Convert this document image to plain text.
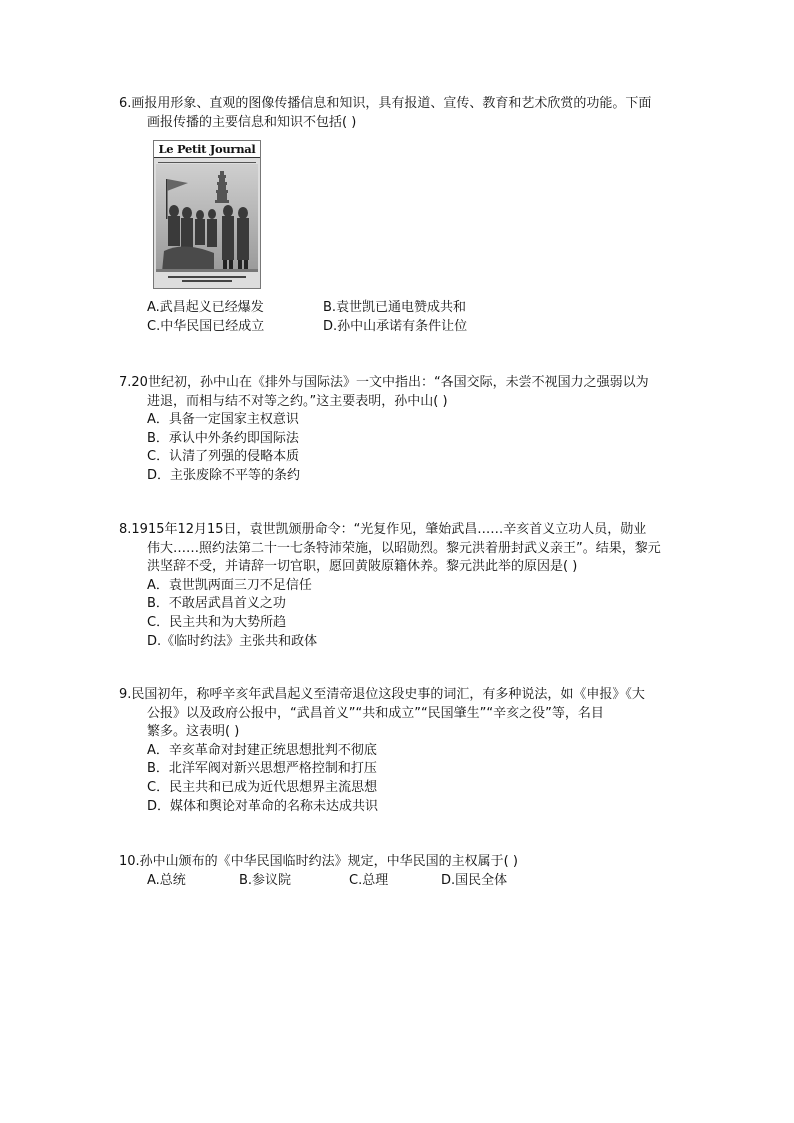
6.画报用形象、直观的图像传播信息和知识，具有报道、宣传、教育和艺术欣赏的功能。下面
画报传播的主要信息和知识不包括( )
Le Petit Journal
A.武昌起义已经爆发	B.袁世凯已通电赞成共和
C.中华民国已经成立	D.孙中山承诺有条件让位
7.20世纪初，孙中山在《排外与国际法》一文中指出：“各国交际，未尝不视国力之强弱以为
进退，而相与结不对等之约。”这主要表明，孙中山( )
A．具备一定国家主权意识
B．承认中外条约即国际法
C．认清了列强的侵略本质
D．主张废除不平等的条约
8.1915年12月15日，袁世凯颁册命令：“光复作见，肇始武昌……辛亥首义立功人员，勋业
伟大……照约法第二十一七条特沛荣施，以昭勋烈。黎元洪着册封武义亲王”。结果，黎元
洪坚辞不受，并请辞一切官职，愿回黄陂原籍休养。黎元洪此举的原因是( )
A．袁世凯两面三刀不足信任
B．不敢居武昌首义之功
C．民主共和为大势所趋
D.《临时约法》主张共和政体
9.民国初年，称呼辛亥年武昌起义至清帝退位这段史事的词汇，有多种说法，如《申报》《大
公报》以及政府公报中，“武昌首义”“共和成立”“民国肇生”“辛亥之役”等，名目
繁多。这表明( )
A．辛亥革命对封建正统思想批判不彻底
B．北洋军阀对新兴思想严格控制和打压
C．民主共和已成为近代思想界主流思想
D．媒体和舆论对革命的名称未达成共识
10.孙中山颁布的《中华民国临时约法》规定，中华民国的主权属于( )
A.总统	B.参议院	C.总理	D.国民全体
